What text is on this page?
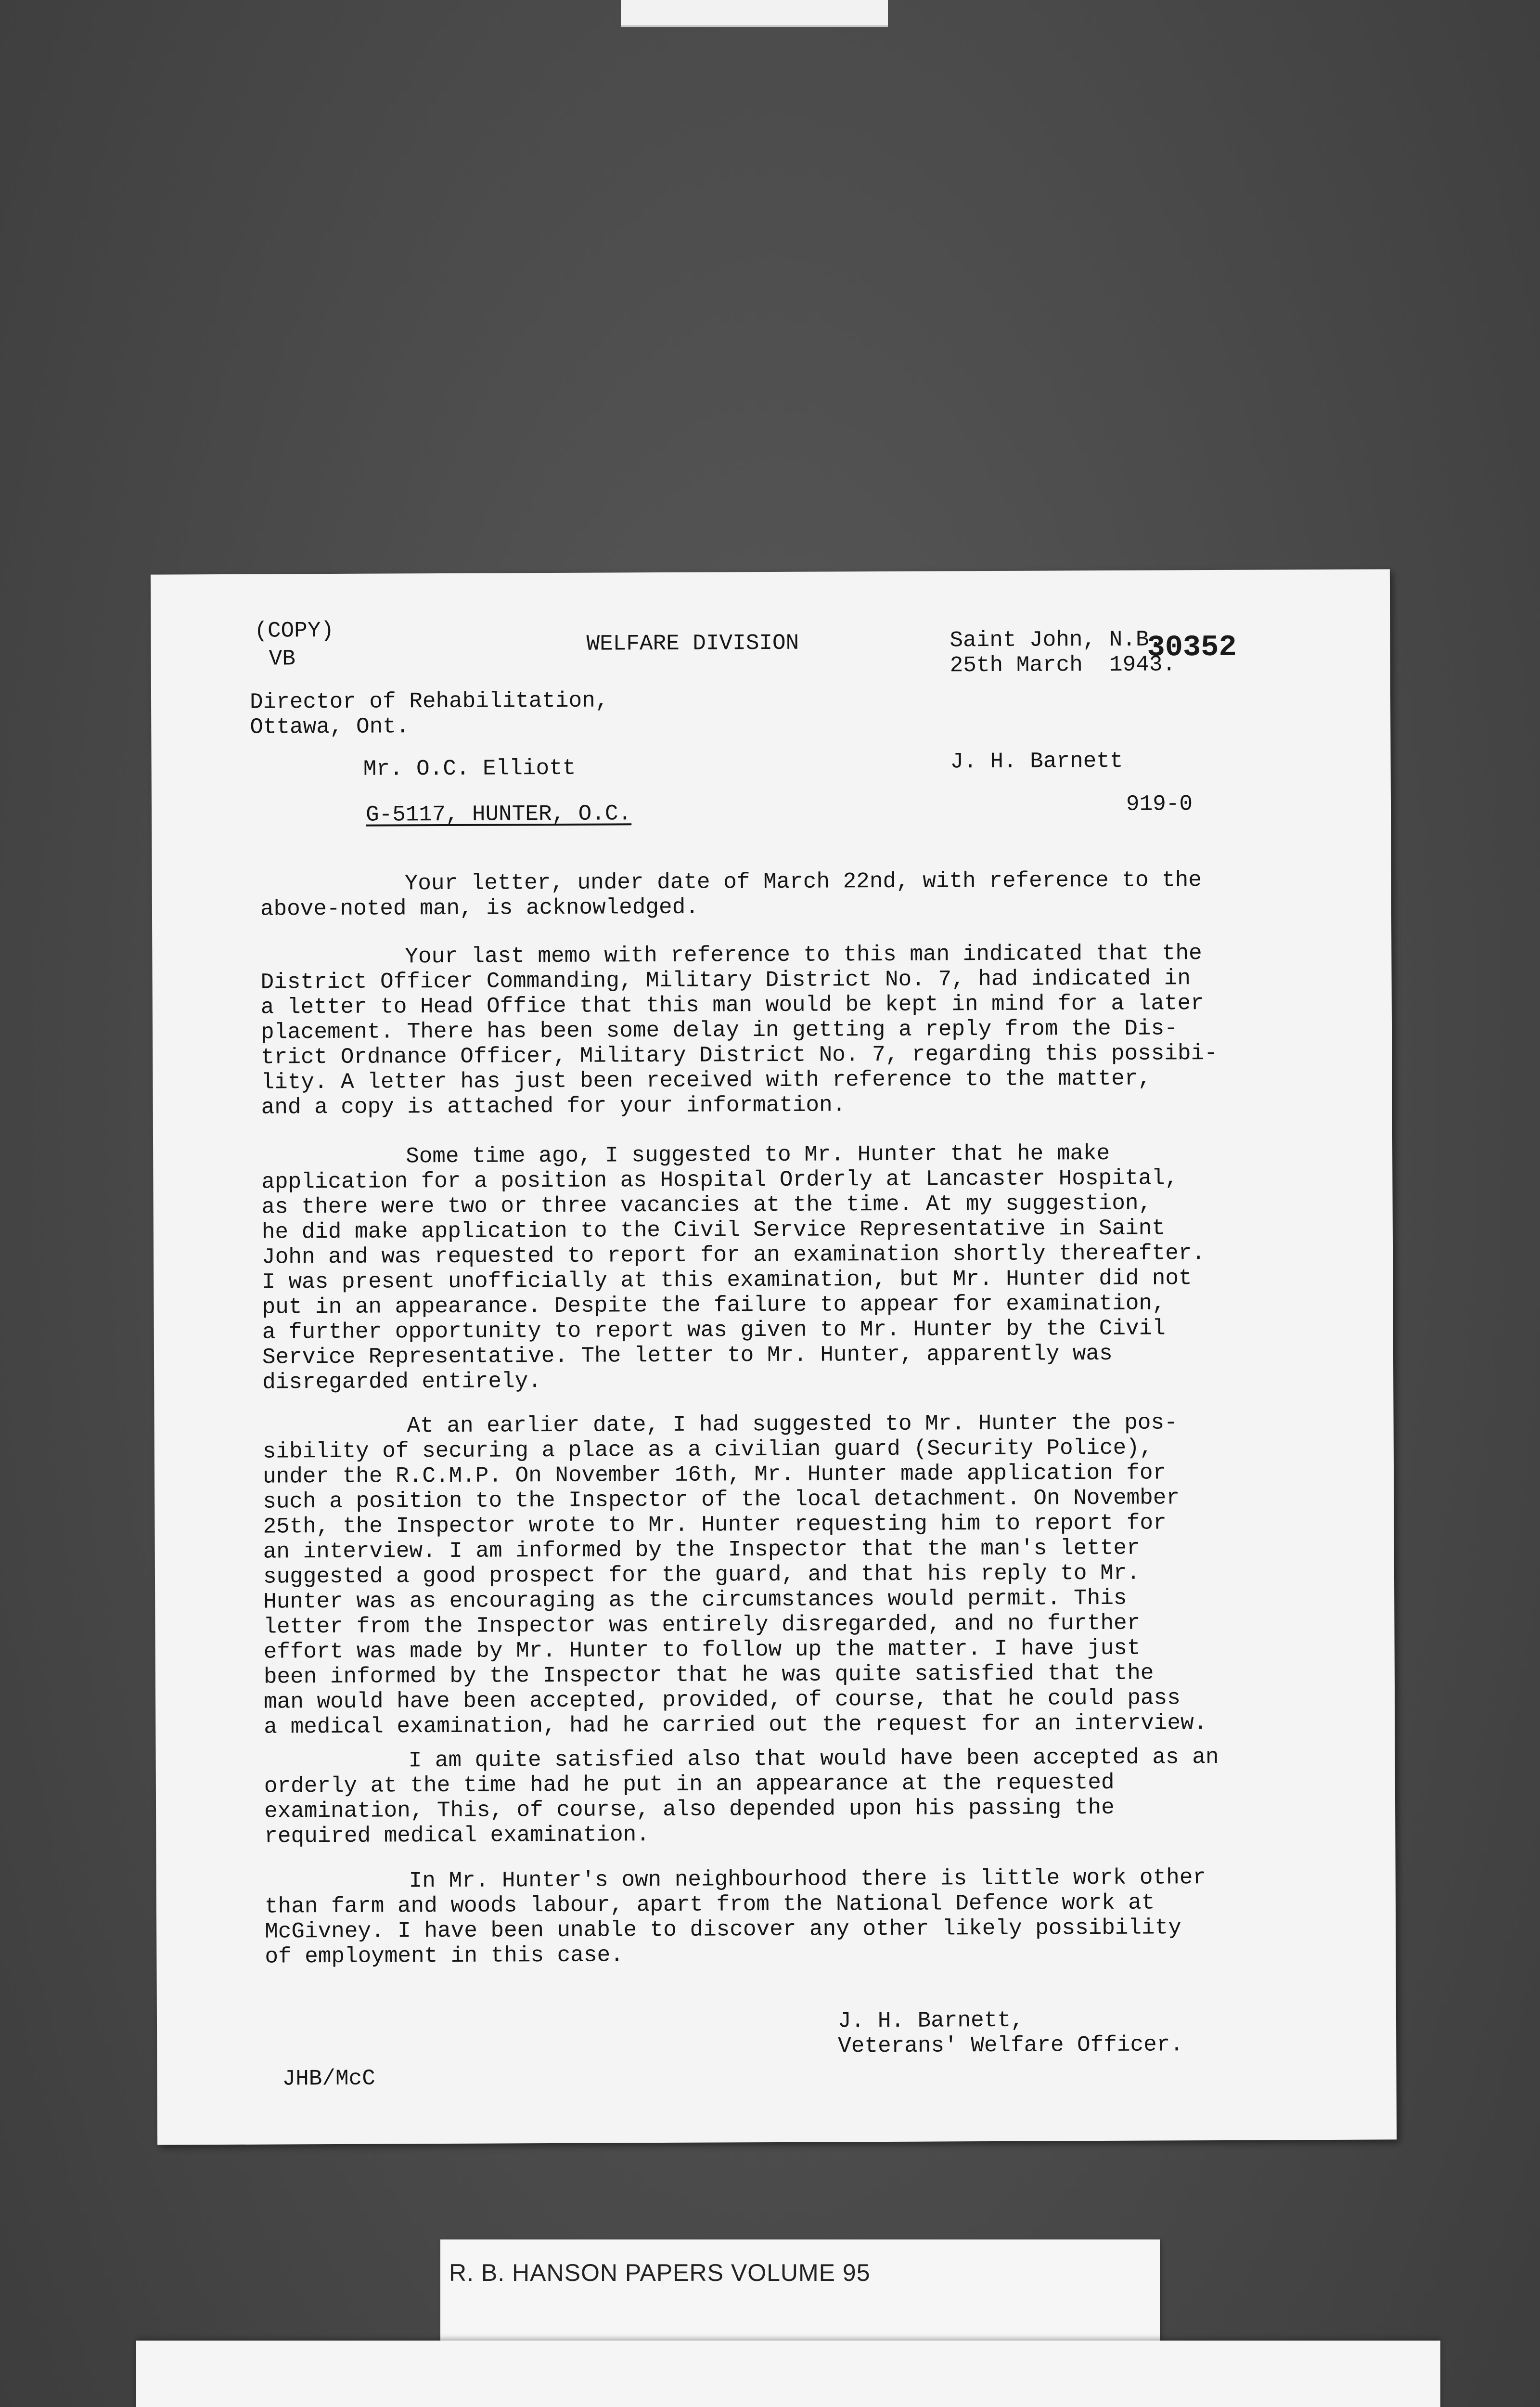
(COPY)
VB
WELFARE DIVISION	Saint John, N.B.
25th March  1943.
30352
Director of Rehabilitation,
Ottawa, Ont.
Mr. O.C. Elliott	J. H. Barnett
G-5117, HUNTER, O.C.	919-0
Your letter, under date of March 22nd, with reference to the
above-noted man, is acknowledged.
Your last memo with reference to this man indicated that the
District Officer Commanding, Military District No. 7, had indicated in
a letter to Head Office that this man would be kept in mind for a later
placement. There has been some delay in getting a reply from the Dis-
trict Ordnance Officer, Military District No. 7, regarding this possibi-
lity. A letter has just been received with reference to the matter,
and a copy is attached for your information.
Some time ago, I suggested to Mr. Hunter that he make
application for a position as Hospital Orderly at Lancaster Hospital,
as there were two or three vacancies at the time. At my suggestion,
he did make application to the Civil Service Representative in Saint
John and was requested to report for an examination shortly thereafter.
I was present unofficially at this examination, but Mr. Hunter did not
put in an appearance. Despite the failure to appear for examination,
a further opportunity to report was given to Mr. Hunter by the Civil
Service Representative. The letter to Mr. Hunter, apparently was
disregarded entirely.
At an earlier date, I had suggested to Mr. Hunter the pos-
sibility of securing a place as a civilian guard (Security Police),
under the R.C.M.P. On November 16th, Mr. Hunter made application for
such a position to the Inspector of the local detachment. On November
25th, the Inspector wrote to Mr. Hunter requesting him to report for
an interview. I am informed by the Inspector that the man's letter
suggested a good prospect for the guard, and that his reply to Mr.
Hunter was as encouraging as the circumstances would permit. This
letter from the Inspector was entirely disregarded, and no further
effort was made by Mr. Hunter to follow up the matter. I have just
been informed by the Inspector that he was quite satisfied that the
man would have been accepted, provided, of course, that he could pass
a medical examination, had he carried out the request for an interview.
I am quite satisfied also that would have been accepted as an
orderly at the time had he put in an appearance at the requested
examination, This, of course, also depended upon his passing the
required medical examination.
In Mr. Hunter's own neighbourhood there is little work other
than farm and woods labour, apart from the National Defence work at
McGivney. I have been unable to discover any other likely possibility
of employment in this case.
J. H. Barnett,
Veterans' Welfare Officer.
JHB/McC
R. B. HANSON PAPERS VOLUME 95
